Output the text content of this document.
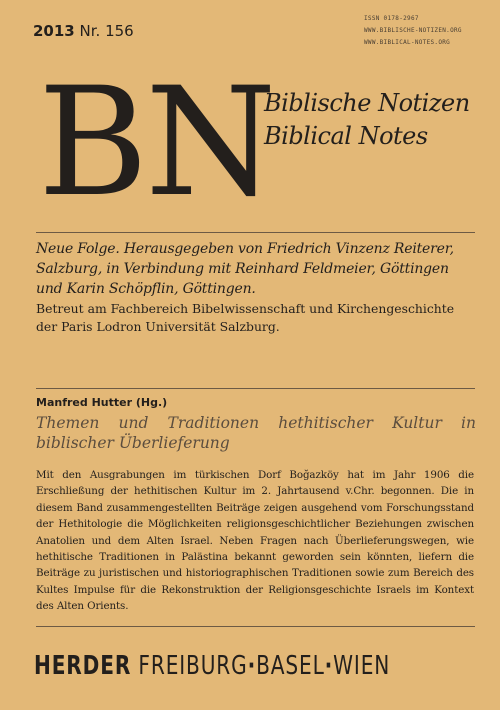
2013 Nr. 156
ISSN 0178-2967
WWW.BIBLISCHE-NOTIZEN.ORG
WWW.BIBLICAL-NOTES.ORG
BN
Biblische Notizen
Biblical Notes
Neue Folge. Herausgegeben von Friedrich Vinzenz Reiterer, Salzburg, in Verbindung mit Reinhard Feldmeier, Göttingen und Karin Schöpflin, Göttingen.
Betreut am Fachbereich Bibelwissenschaft und Kirchengeschichte der Paris Lodron Universität Salzburg.
Manfred Hutter (Hg.)
Themen und Traditionen hethitischer Kultur in biblischer Überlieferung
Mit den Ausgrabungen im türkischen Dorf Boğazköy hat im Jahr 1906 die Erschließung der hethitischen Kultur im 2. Jahrtausend v.Chr. begonnen. Die in diesem Band zusammengestellten Beiträge zeigen ausgehend vom Forschungsstand der Hethitologie die Möglichkeiten religionsgeschichtlicher Beziehungen zwischen Anatolien und dem Alten Israel. Neben Fragen nach Überlieferungswegen, wie hethitische Traditionen in Palästina bekannt geworden sein könnten, liefern die Beiträge zu juristischen und historiographischen Traditionen sowie zum Bereich des Kultes Impulse für die Rekonstruktion der Religionsgeschichte Israels im Kontext des Alten Orients.
HERDER FREIBURG·BASEL·WIEN
